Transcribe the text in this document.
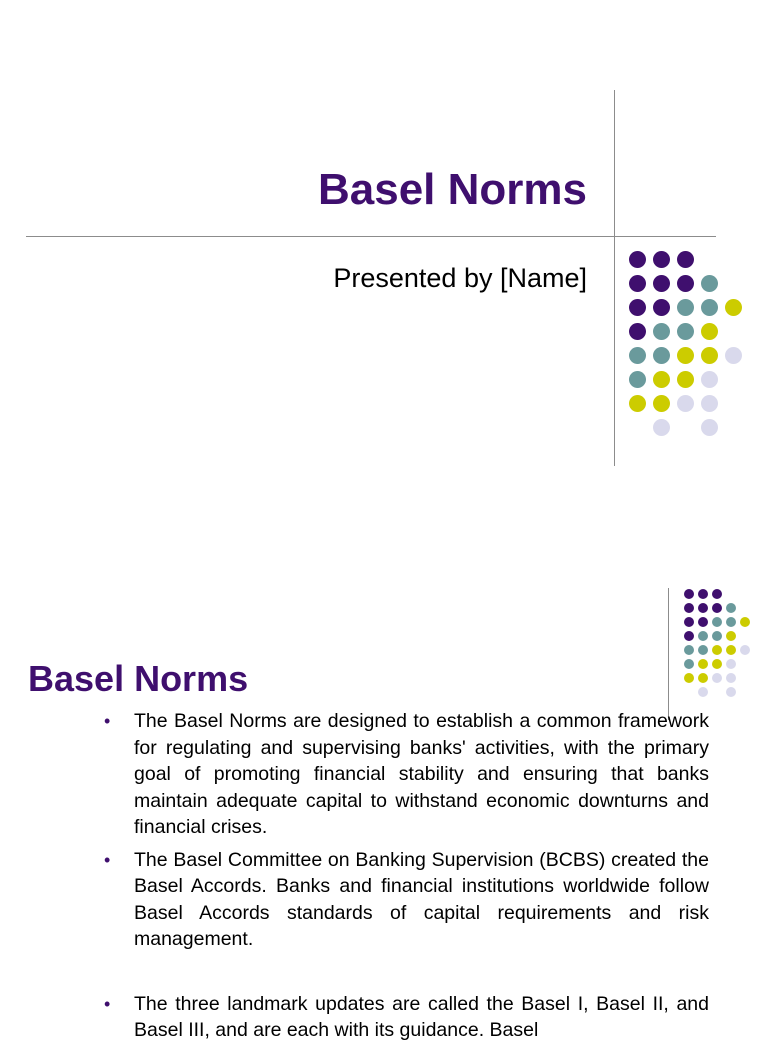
Basel Norms
Presented by [Name]
Basel Norms
• The Basel Norms are designed to establish a common framework for regulating and supervising banks' activities, with the primary goal of promoting financial stability and ensuring that banks maintain adequate capital to withstand economic downturns and financial crises.
• The Basel Committee on Banking Supervision (BCBS) created the Basel Accords. Banks and financial institutions worldwide follow Basel Accords standards of capital requirements and risk management.
• The three landmark updates are called the Basel I, Basel II, and Basel III, and are each with its guidance. Basel
